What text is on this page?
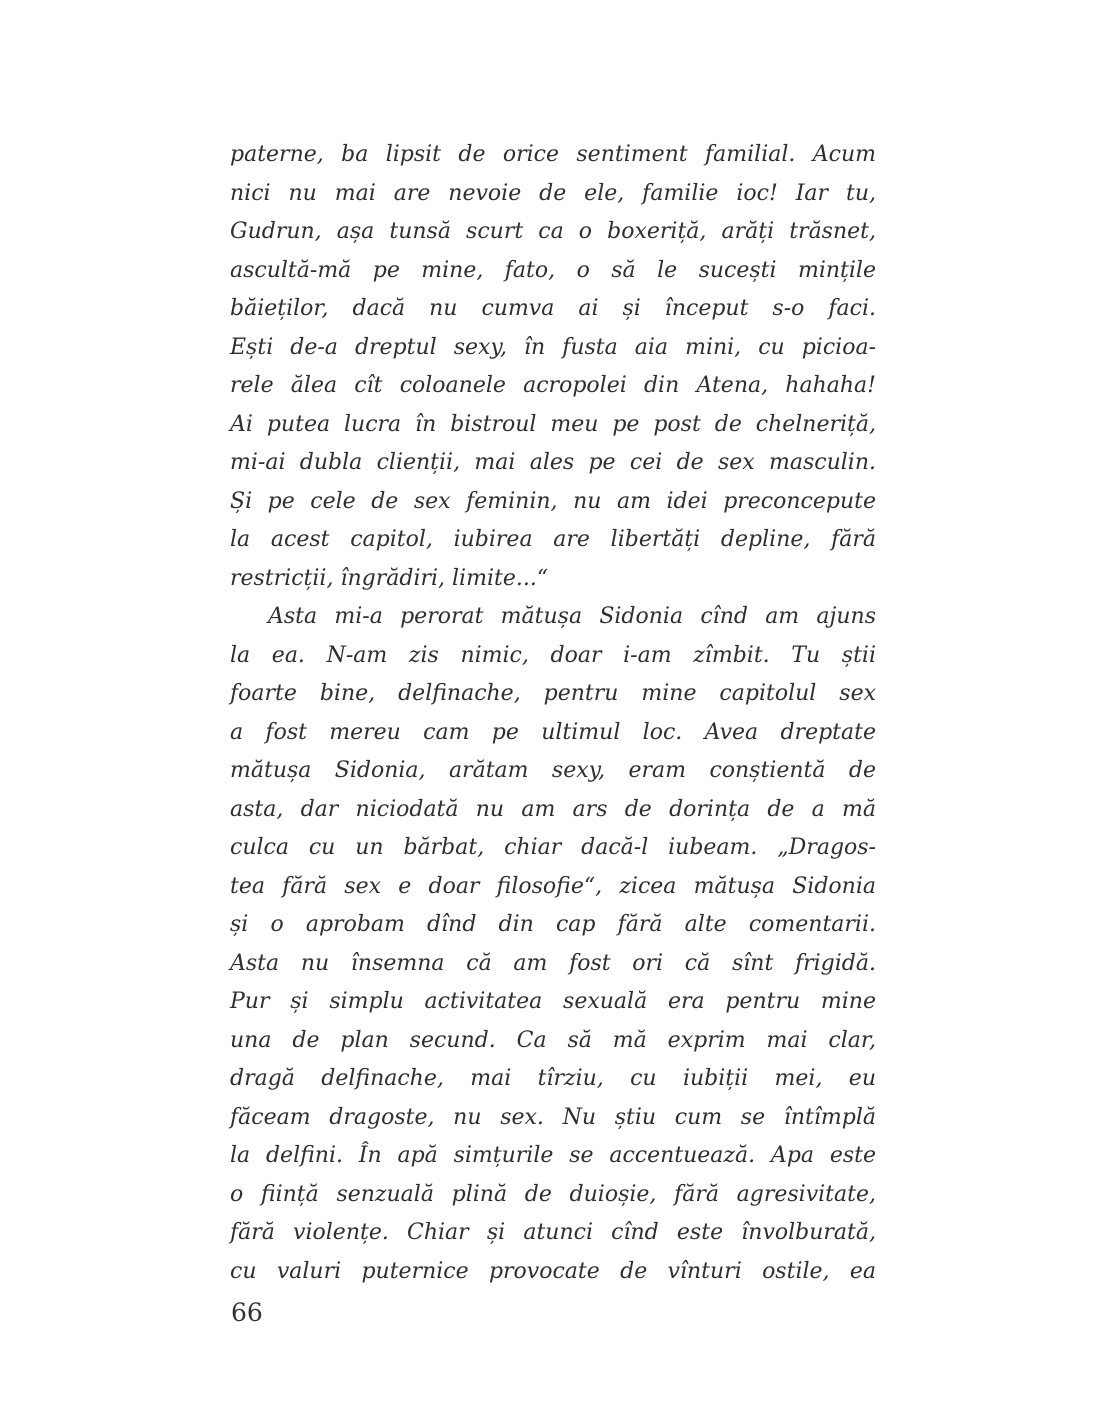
paterne, ba lipsit de orice sentiment familial. Acum
nici nu mai are nevoie de ele, familie ioc! Iar tu,
Gudrun, așa tunsă scurt ca o boxeriță, arăți trăsnet,
ascultă-mă pe mine, fato, o să le sucești mințile
băieților, dacă nu cumva ai și început s-o faci.
Ești de-a dreptul sexy, în fusta aia mini, cu picioa-
rele ălea cît coloanele acropolei din Atena, hahaha!
Ai putea lucra în bistroul meu pe post de chelneriță,
mi-ai dubla clienții, mai ales pe cei de sex masculin.
Și pe cele de sex feminin, nu am idei preconcepute
la acest capitol, iubirea are libertăți depline, fără
restricții, îngrădiri, limite...“
Asta mi-a perorat mătușa Sidonia cînd am ajuns
la ea. N-am zis nimic, doar i-am zîmbit. Tu știi
foarte bine, delfinache, pentru mine capitolul sex
a fost mereu cam pe ultimul loc. Avea dreptate
mătușa Sidonia, arătam sexy, eram conștientă de
asta, dar niciodată nu am ars de dorința de a mă
culca cu un bărbat, chiar dacă-l iubeam. „Dragos-
tea fără sex e doar filosofie“, zicea mătușa Sidonia
și o aprobam dînd din cap fără alte comentarii.
Asta nu însemna că am fost ori că sînt frigidă.
Pur și simplu activitatea sexuală era pentru mine
una de plan secund. Ca să mă exprim mai clar,
dragă delfinache, mai tîrziu, cu iubiții mei, eu
făceam dragoste, nu sex. Nu știu cum se întîmplă
la delfini. În apă simțurile se accentuează. Apa este
o ființă senzuală plină de duioșie, fără agresivitate,
fără violențe. Chiar și atunci cînd este învolburată,
cu valuri puternice provocate de vînturi ostile, ea
66
